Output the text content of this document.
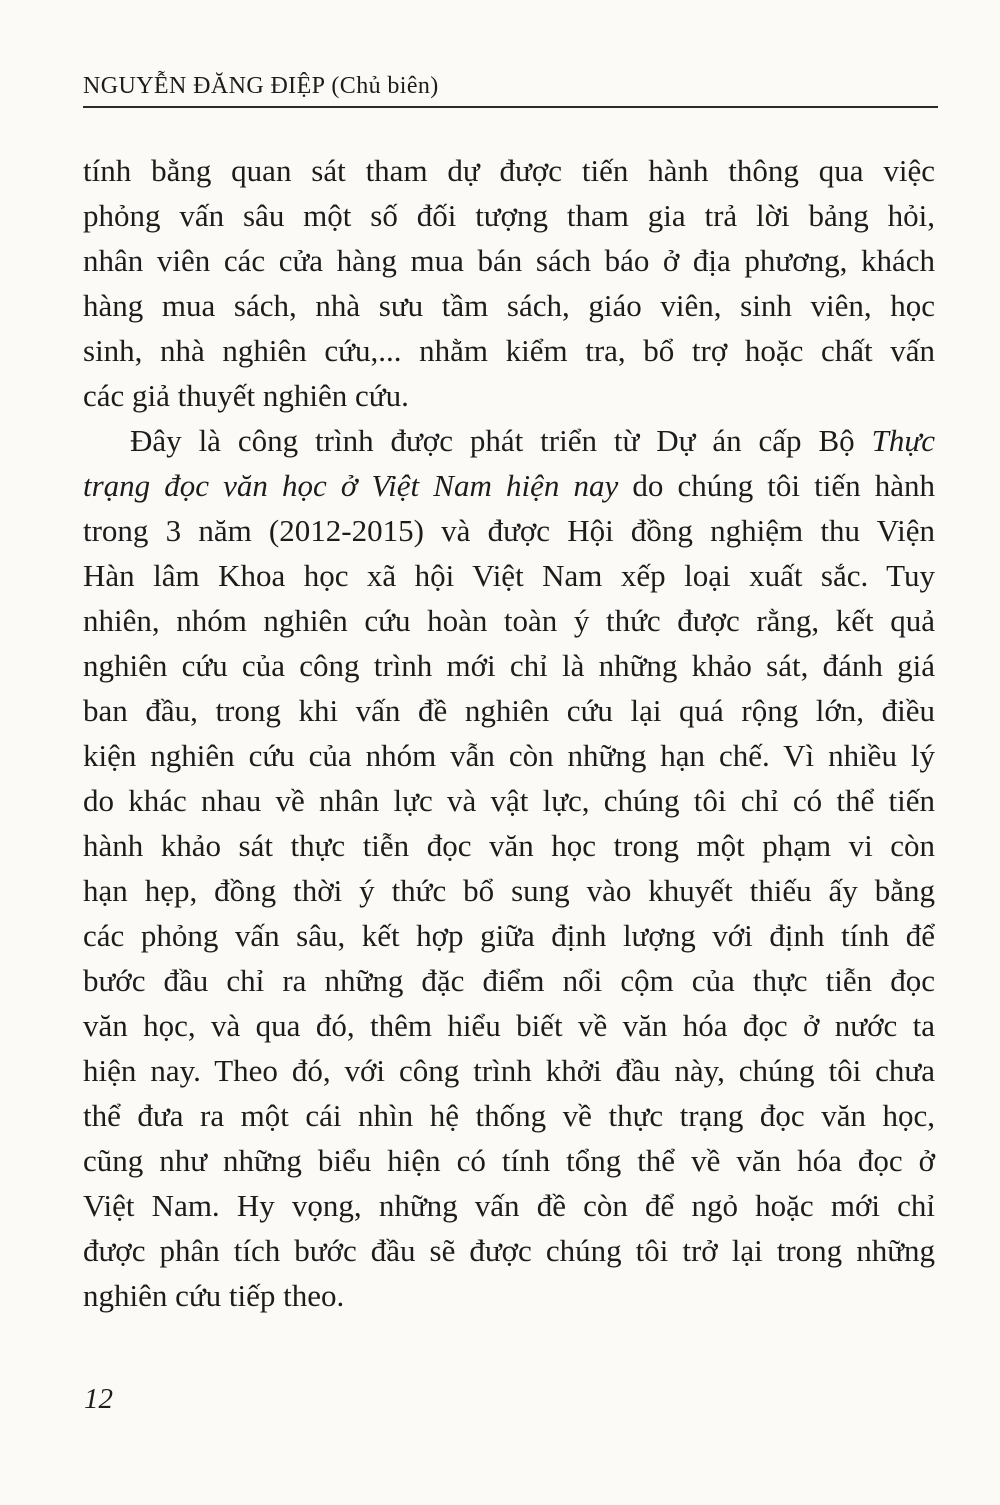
NGUYỄN ĐĂNG ĐIỆP (Chủ biên)
tính bằng quan sát tham dự được tiến hành thông qua việc
phỏng vấn sâu một số đối tượng tham gia trả lời bảng hỏi,
nhân viên các cửa hàng mua bán sách báo ở địa phương, khách
hàng mua sách, nhà sưu tầm sách, giáo viên, sinh viên, học
sinh, nhà nghiên cứu,... nhằm kiểm tra, bổ trợ hoặc chất vấn
các giả thuyết nghiên cứu.
Đây là công trình được phát triển từ Dự án cấp Bộ Thực
trạng đọc văn học ở Việt Nam hiện nay do chúng tôi tiến hành
trong 3 năm (2012-2015) và được Hội đồng nghiệm thu Viện
Hàn lâm Khoa học xã hội Việt Nam xếp loại xuất sắc. Tuy
nhiên, nhóm nghiên cứu hoàn toàn ý thức được rằng, kết quả
nghiên cứu của công trình mới chỉ là những khảo sát, đánh giá
ban đầu, trong khi vấn đề nghiên cứu lại quá rộng lớn, điều
kiện nghiên cứu của nhóm vẫn còn những hạn chế. Vì nhiều lý
do khác nhau về nhân lực và vật lực, chúng tôi chỉ có thể tiến
hành khảo sát thực tiễn đọc văn học trong một phạm vi còn
hạn hẹp, đồng thời ý thức bổ sung vào khuyết thiếu ấy bằng
các phỏng vấn sâu, kết hợp giữa định lượng với định tính để
bước đầu chỉ ra những đặc điểm nổi cộm của thực tiễn đọc
văn học, và qua đó, thêm hiểu biết về văn hóa đọc ở nước ta
hiện nay. Theo đó, với công trình khởi đầu này, chúng tôi chưa
thể đưa ra một cái nhìn hệ thống về thực trạng đọc văn học,
cũng như những biểu hiện có tính tổng thể về văn hóa đọc ở
Việt Nam. Hy vọng, những vấn đề còn để ngỏ hoặc mới chỉ
được phân tích bước đầu sẽ được chúng tôi trở lại trong những
nghiên cứu tiếp theo.
12
